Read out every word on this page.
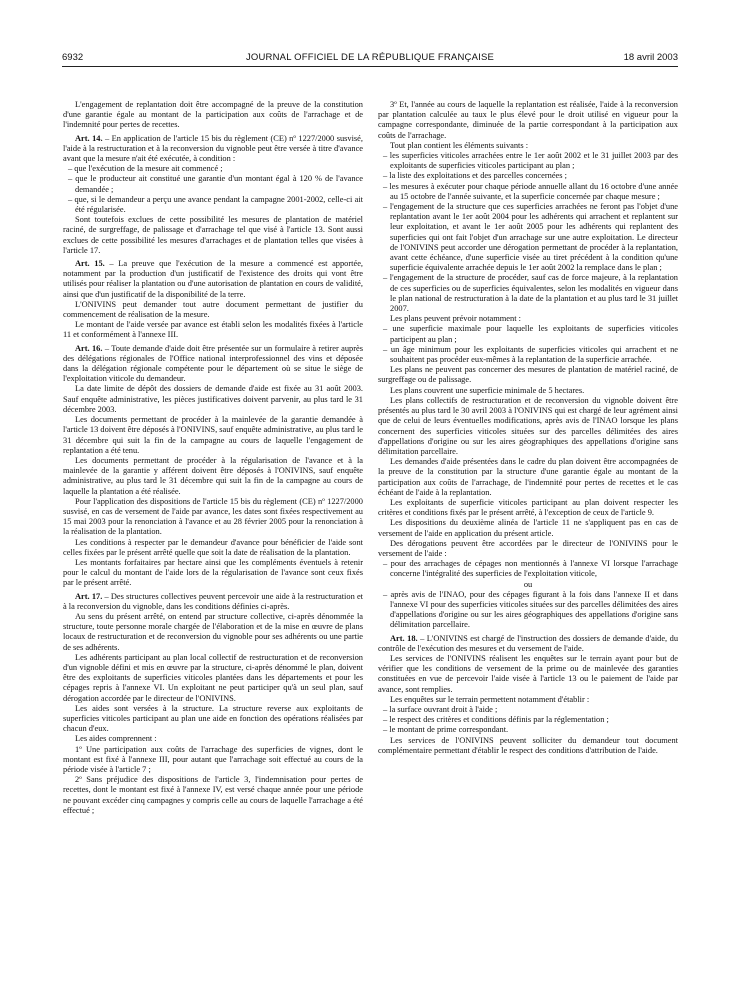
6932	JOURNAL OFFICIEL DE LA RÉPUBLIQUE FRANÇAISE	18 avril 2003

L'engagement de replantation doit être accompagné de la preuve de la constitution d'une garantie égale au montant de la participation aux coûts de l'arrachage et de l'indemnité pour pertes de recettes.

Art. 14. – En application de l'article 15 bis du règlement (CE) nº 1227/2000 susvisé, l'aide à la restructuration et à la reconversion du vignoble peut être versée à titre d'avance avant que la mesure n'ait été exécutée, à condition :

– que l'exécution de la mesure ait commencé ;

– que le producteur ait constitué une garantie d'un montant égal à 120 % de l'avance demandée ;

– que, si le demandeur a perçu une avance pendant la campagne 2001-2002, celle-ci ait été régularisée.

Sont toutefois exclues de cette possibilité les mesures de plantation de matériel raciné, de surgreffage, de palissage et d'arrachage tel que visé à l'article 13. Sont aussi exclues de cette possibilité les mesures d'arrachages et de plantation telles que visées à l'article 17.

Art. 15. – La preuve que l'exécution de la mesure a commencé est apportée, notamment par la production d'un justificatif de l'existence des droits qui vont être utilisés pour réaliser la plantation ou d'une autorisation de plantation en cours de validité, ainsi que d'un justificatif de la disponibilité de la terre.

L'ONIVINS peut demander tout autre document permettant de justifier du commencement de réalisation de la mesure.

Le montant de l'aide versée par avance est établi selon les modalités fixées à l'article 11 et conformément à l'annexe III.

Art. 16. – Toute demande d'aide doit être présentée sur un formulaire à retirer auprès des délégations régionales de l'Office national interprofessionnel des vins et déposée dans la délégation régionale compétente pour le département où se situe le siège de l'exploitation viticole du demandeur.

La date limite de dépôt des dossiers de demande d'aide est fixée au 31 août 2003. Sauf enquête administrative, les pièces justificatives doivent parvenir, au plus tard le 31 décembre 2003.

Les documents permettant de procéder à la mainlevée de la garantie demandée à l'article 13 doivent être déposés à l'ONIVINS, sauf enquête administrative, au plus tard le 31 décembre qui suit la fin de la campagne au cours de laquelle l'engagement de replantation a été tenu.

Les documents permettant de procéder à la régularisation de l'avance et à la mainlevée de la garantie y afférent doivent être déposés à l'ONIVINS, sauf enquête administrative, au plus tard le 31 décembre qui suit la fin de la campagne au cours de laquelle la plantation a été réalisée.

Pour l'application des dispositions de l'article 15 bis du règlement (CE) nº 1227/2000 susvisé, en cas de versement de l'aide par avance, les dates sont fixées respectivement au 15 mai 2003 pour la renonciation à l'avance et au 28 février 2005 pour la renonciation à la réalisation de la plantation.

Les conditions à respecter par le demandeur d'avance pour bénéficier de l'aide sont celles fixées par le présent arrêté quelle que soit la date de réalisation de la plantation.

Les montants forfaitaires par hectare ainsi que les compléments éventuels à retenir pour le calcul du montant de l'aide lors de la régularisation de l'avance sont ceux fixés par le présent arrêté.

Art. 17. – Des structures collectives peuvent percevoir une aide à la restructuration et à la reconversion du vignoble, dans les conditions définies ci-après.

Au sens du présent arrêté, on entend par structure collective, ci-après dénommée la structure, toute personne morale chargée de l'élaboration et de la mise en œuvre de plans locaux de restructuration et de reconversion du vignoble pour ses adhérents ou une partie de ses adhérents.

Les adhérents participant au plan local collectif de restructuration et de reconversion d'un vignoble défini et mis en œuvre par la structure, ci-après dénommé le plan, doivent être des exploitants de superficies viticoles plantées dans les départements et pour les cépages repris à l'annexe VI. Un exploitant ne peut participer qu'à un seul plan, sauf dérogation accordée par le directeur de l'ONIVINS.

Les aides sont versées à la structure. La structure reverse aux exploitants de superficies viticoles participant au plan une aide en fonction des opérations réalisées par chacun d'eux.

Les aides comprennent :

1º Une participation aux coûts de l'arrachage des superficies de vignes, dont le montant est fixé à l'annexe III, pour autant que l'arrachage soit effectué au cours de la période visée à l'article 7 ;

2º Sans préjudice des dispositions de l'article 3, l'indemnisation pour pertes de recettes, dont le montant est fixé à l'annexe IV, est versé chaque année pour une période ne pouvant excéder cinq campagnes y compris celle au cours de laquelle l'arrachage a été effectué ;

3º Et, l'année au cours de laquelle la replantation est réalisée, l'aide à la reconversion par plantation calculée au taux le plus élevé pour le droit utilisé en vigueur pour la campagne correspondante, diminuée de la partie correspondant à la participation aux coûts de l'arrachage.

Tout plan contient les éléments suivants :

– les superficies viticoles arrachées entre le 1er août 2002 et le 31 juillet 2003 par des exploitants de superficies viticoles participant au plan ;

– la liste des exploitations et des parcelles concernées ;

– les mesures à exécuter pour chaque période annuelle allant du 16 octobre d'une année au 15 octobre de l'année suivante, et la superficie concernée par chaque mesure ;

– l'engagement de la structure que ces superficies arrachées ne feront pas l'objet d'une replantation avant le 1er août 2004 pour les adhérents qui arrachent et replantent sur leur exploitation, et avant le 1er août 2005 pour les adhérents qui replantent des superficies qui ont fait l'objet d'un arrachage sur une autre exploitation. Le directeur de l'ONIVINS peut accorder une dérogation permettant de procéder à la replantation, avant cette échéance, d'une superficie visée au tiret précédent à la condition qu'une superficie équivalente arrachée depuis le 1er août 2002 la remplace dans le plan ;

– l'engagement de la structure de procéder, sauf cas de force majeure, à la replantation de ces superficies ou de superficies équivalentes, selon les modalités en vigueur dans le plan national de restructuration à la date de la plantation et au plus tard le 31 juillet 2007.

Les plans peuvent prévoir notamment :

– une superficie maximale pour laquelle les exploitants de superficies viticoles participent au plan ;

– un âge minimum pour les exploitants de superficies viticoles qui arrachent et ne souhaitent pas procéder eux-mêmes à la replantation de la superficie arrachée.

Les plans ne peuvent pas concerner des mesures de plantation de matériel raciné, de surgreffage ou de palissage.

Les plans couvrent une superficie minimale de 5 hectares.

Les plans collectifs de restructuration et de reconversion du vignoble doivent être présentés au plus tard le 30 avril 2003 à l'ONIVINS qui est chargé de leur agrément ainsi que de celui de leurs éventuelles modifications, après avis de l'INAO lorsque les plans concernent des superficies viticoles situées sur des parcelles délimitées des aires d'appellations d'origine ou sur les aires géographiques des appellations d'origine sans délimitation parcellaire.

Les demandes d'aide présentées dans le cadre du plan doivent être accompagnées de la preuve de la constitution par la structure d'une garantie égale au montant de la participation aux coûts de l'arrachage, de l'indemnité pour pertes de recettes et le cas échéant de l'aide à la replantation.

Les exploitants de superficie viticoles participant au plan doivent respecter les critères et conditions fixés par le présent arrêté, à l'exception de ceux de l'article 9.

Les dispositions du deuxième alinéa de l'article 11 ne s'appliquent pas en cas de versement de l'aide en application du présent article.

Des dérogations peuvent être accordées par le directeur de l'ONIVINS pour le versement de l'aide :

– pour des arrachages de cépages non mentionnés à l'annexe VI lorsque l'arrachage concerne l'intégralité des superficies de l'exploitation viticole,

ou

– après avis de l'INAO, pour des cépages figurant à la fois dans l'annexe II et dans l'annexe VI pour des superficies viticoles situées sur des parcelles délimitées des aires d'appellations d'origine ou sur les aires géographiques des appellations d'origine sans délimitation parcellaire.

Art. 18. – L'ONIVINS est chargé de l'instruction des dossiers de demande d'aide, du contrôle de l'exécution des mesures et du versement de l'aide.

Les services de l'ONIVINS réalisent les enquêtes sur le terrain ayant pour but de vérifier que les conditions de versement de la prime ou de mainlevée des garanties constituées en vue de percevoir l'aide visée à l'article 13 ou le paiement de l'aide par avance, sont remplies.

Les enquêtes sur le terrain permettent notamment d'établir :

– la surface ouvrant droit à l'aide ;

– le respect des critères et conditions définis par la réglementation ;

– le montant de prime correspondant.

Les services de l'ONIVINS peuvent solliciter du demandeur tout document complémentaire permettant d'établir le respect des conditions d'attribution de l'aide.
